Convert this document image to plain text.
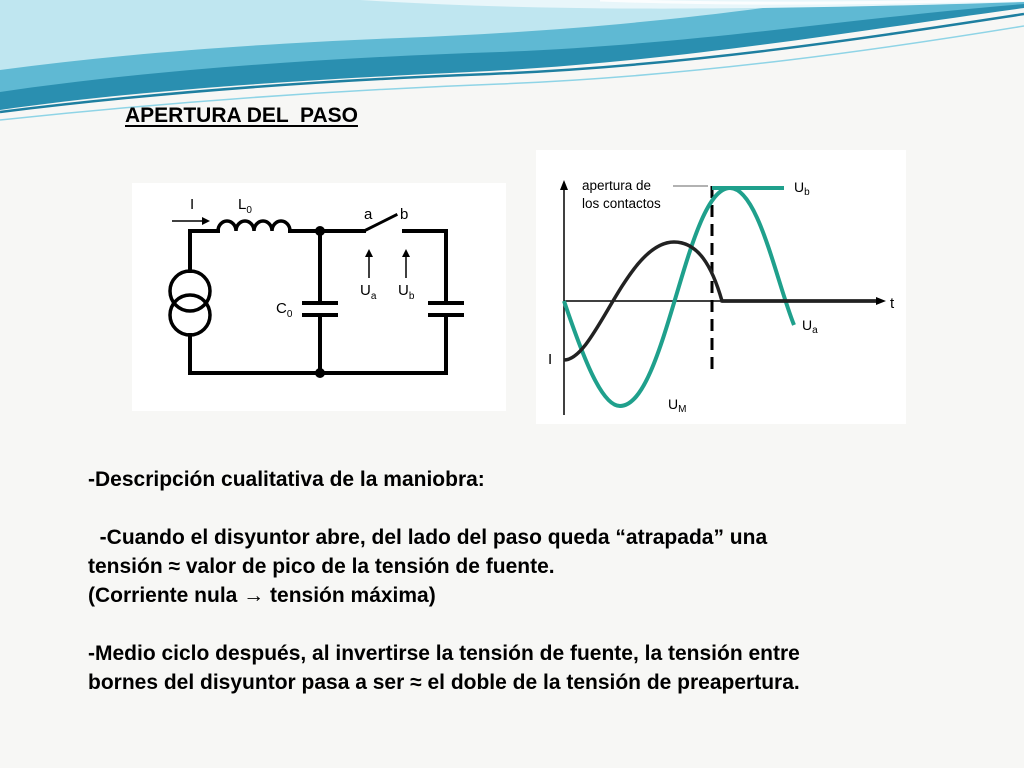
APERTURA DEL  PASO
I	$L_0$
$C_0$
a b
$U_a$ $U_b$
apertura de
los contactos
$U_b$
t
$U_a$
I
$U_M$

-Descripción cualitativa de la maniobra:

-Cuando el disyuntor abre, del lado del paso queda “atrapada” una

tensión ≈ valor de pico de la tensión de fuente.

(Corriente nula → tensión máxima)

-Medio ciclo después, al invertirse la tensión de fuente, la tensión entre

bornes del disyuntor pasa a ser ≈ el doble de la tensión de preapertura.
